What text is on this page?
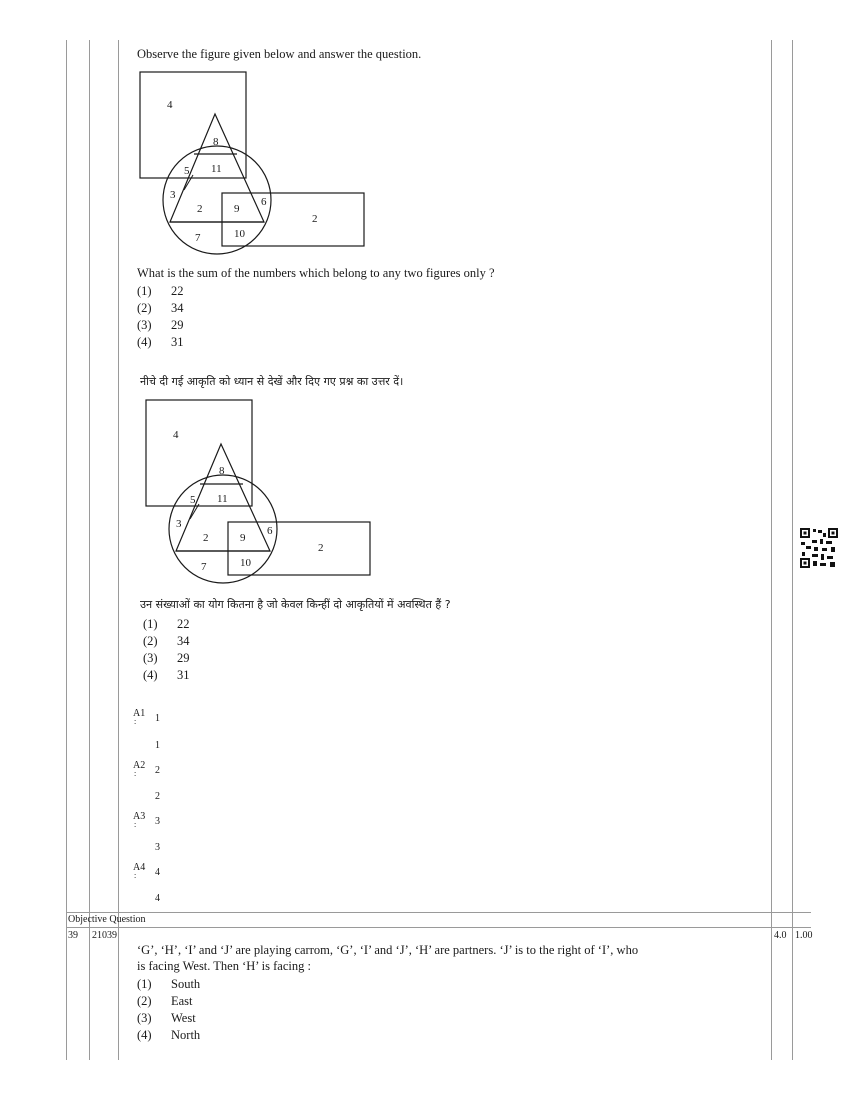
Observe the figure given below and answer the question.
4
8
5 11
3
2	9
6
2
7	10
What is the sum of the numbers which belong to any two figures only ?
(1) 22
(2) 34
(3) 29
(4) 31
नीचे दी गई आकृति को ध्यान से देखें और दिए गए प्रश्न का उत्तर दें।
4
8
5 11
3
2	9
6
2
7	10
उन संख्याओं का योग कितना है जो केवल किन्हीं दो आकृतियों में अवस्थित हैं ?
(1) 22
(2) 34
(3) 29
(4) 31
A1
:	1
1
A2
:	2
2
A3
:	3
3
A4
:	4
4
Objective Question
39 21039	4.0 1.00
‘G’, ‘H’, ‘I’ and ‘J’ are playing carrom, ‘G’, ‘I’ and ‘J’, ‘H’ are partners. ‘J’ is to the right of ‘I’, who
is facing West. Then ‘H’ is facing :
(1) South
(2) East
(3) West
(4) North
